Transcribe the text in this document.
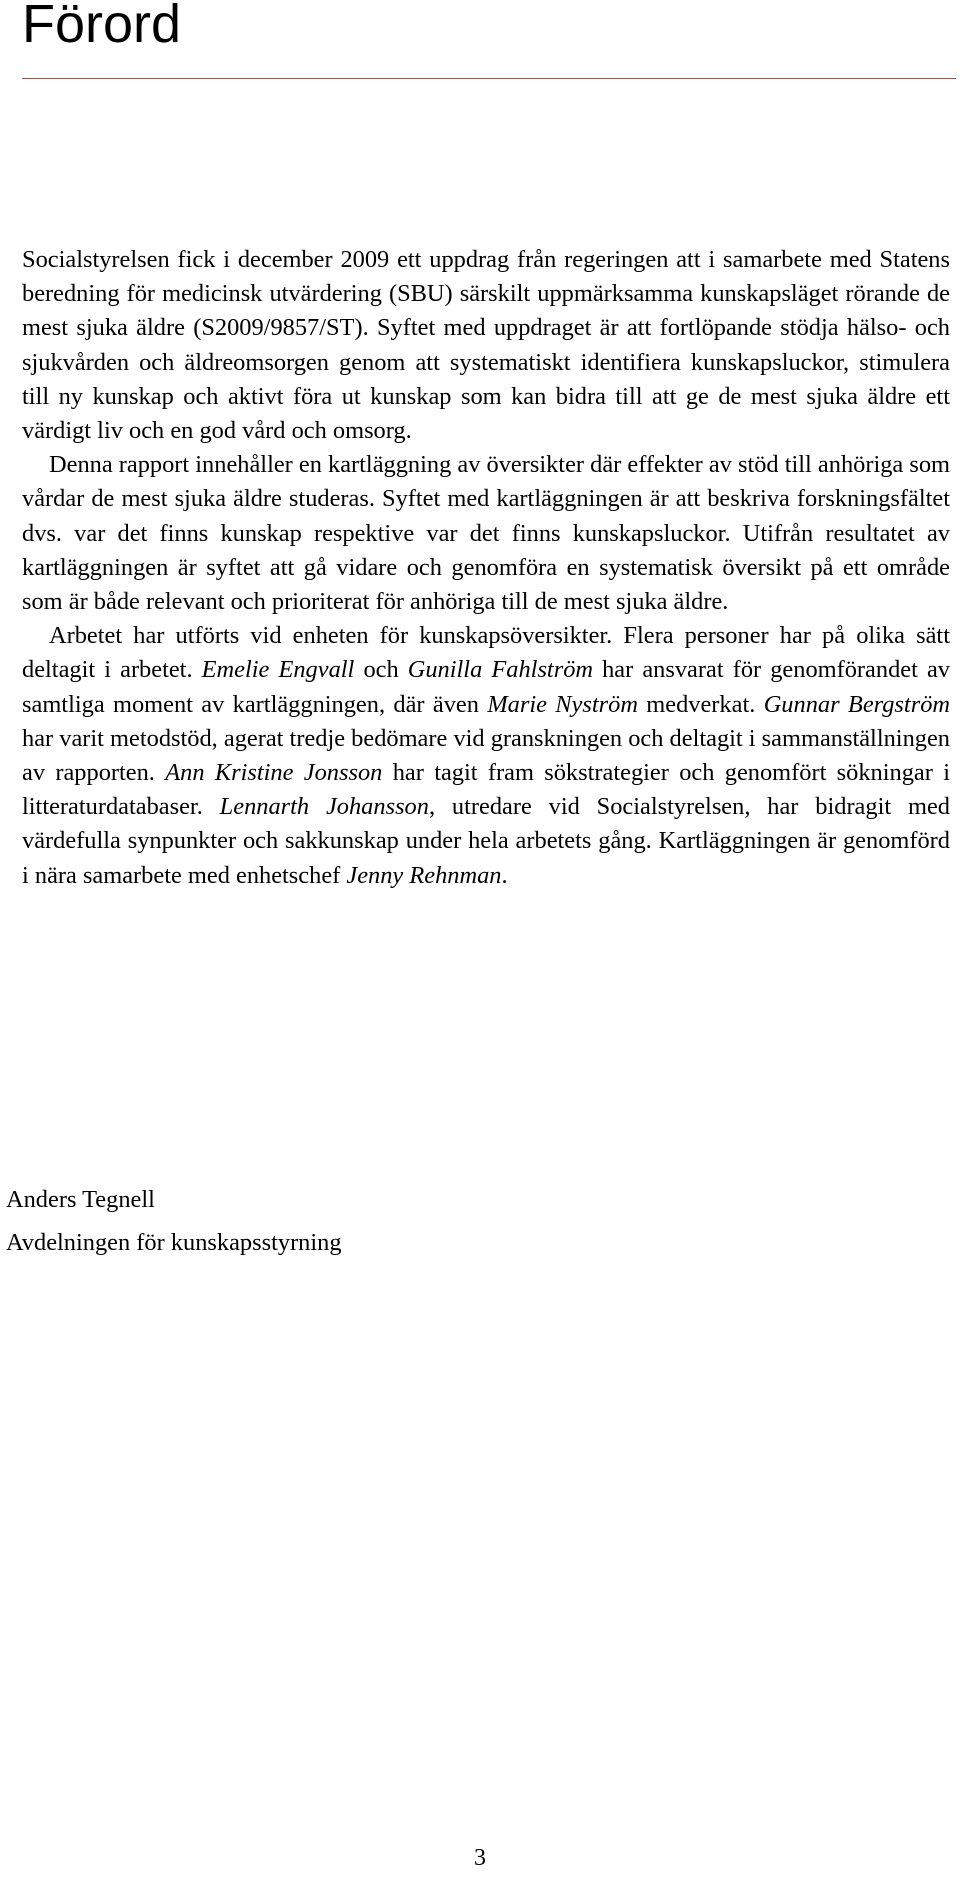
Förord

Socialstyrelsen fick i december 2009 ett uppdrag från regeringen att i samarbete med Statens beredning för medicinsk utvärdering (SBU) särskilt uppmärksamma kunskapsläget rörande de mest sjuka äldre (S2009/9857/ST). Syftet med uppdraget är att fortlöpande stödja hälso- och sjukvården och äldreomsorgen genom att systematiskt identifiera kunskapsluckor, stimulera till ny kunskap och aktivt föra ut kunskap som kan bidra till att ge de mest sjuka äldre ett värdigt liv och en god vård och omsorg.

Denna rapport innehåller en kartläggning av översikter där effekter av stöd till anhöriga som vårdar de mest sjuka äldre studeras. Syftet med kartläggningen är att beskriva forskningsfältet dvs. var det finns kunskap respektive var det finns kunskapsluckor. Utifrån resultatet av kartläggningen är syftet att gå vidare och genomföra en systematisk översikt på ett område som är både relevant och prioriterat för anhöriga till de mest sjuka äldre.

Arbetet har utförts vid enheten för kunskapsöversikter. Flera personer har på olika sätt deltagit i arbetet. Emelie Engvall och Gunilla Fahlström har ansvarat för genomförandet av samtliga moment av kartläggningen, där även Marie Nyström medverkat. Gunnar Bergström har varit metodstöd, agerat tredje bedömare vid granskningen och deltagit i sammanställningen av rapporten. Ann Kristine Jonsson har tagit fram sökstrategier och genomfört sökningar i litteraturdatabaser. Lennarth Johansson, utredare vid Socialstyrelsen, har bidragit med värdefulla synpunkter och sakkunskap under hela arbetets gång. Kartläggningen är genomförd i nära samarbete med enhetschef Jenny Rehnman.

Anders Tegnell
Avdelningen för kunskapsstyrning
3
